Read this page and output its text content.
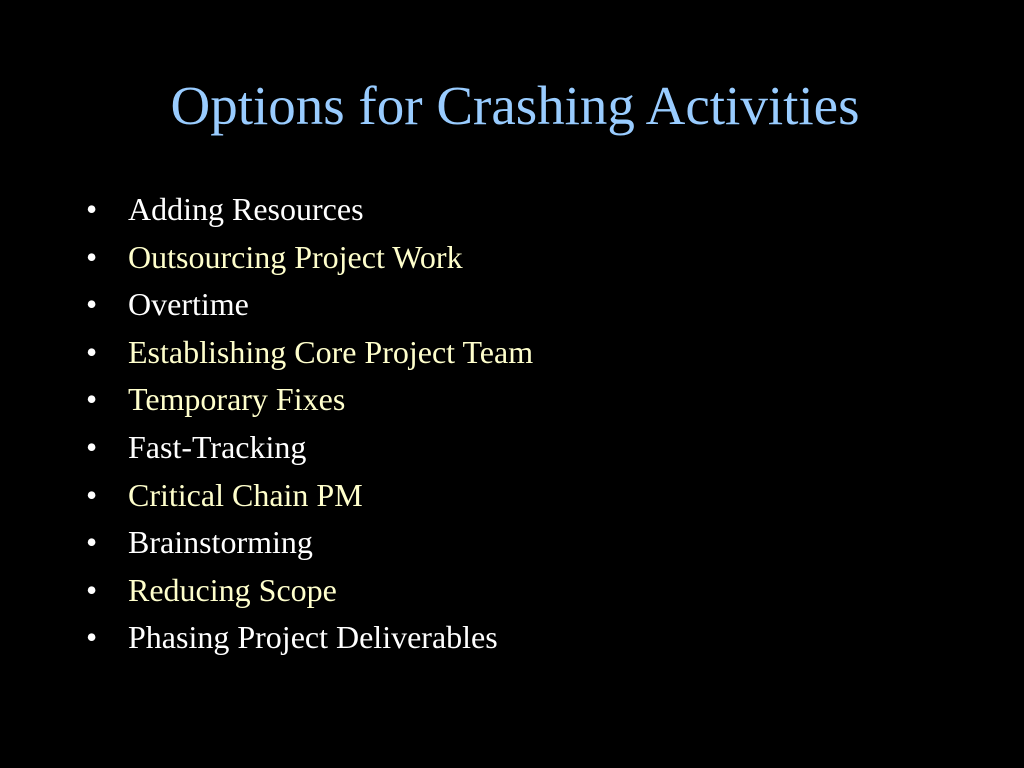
Options for Crashing Activities
• Adding Resources
• Outsourcing Project Work
• Overtime
• Establishing Core Project Team
• Temporary Fixes
• Fast-Tracking
• Critical Chain PM
• Brainstorming
• Reducing Scope
• Phasing Project Deliverables
